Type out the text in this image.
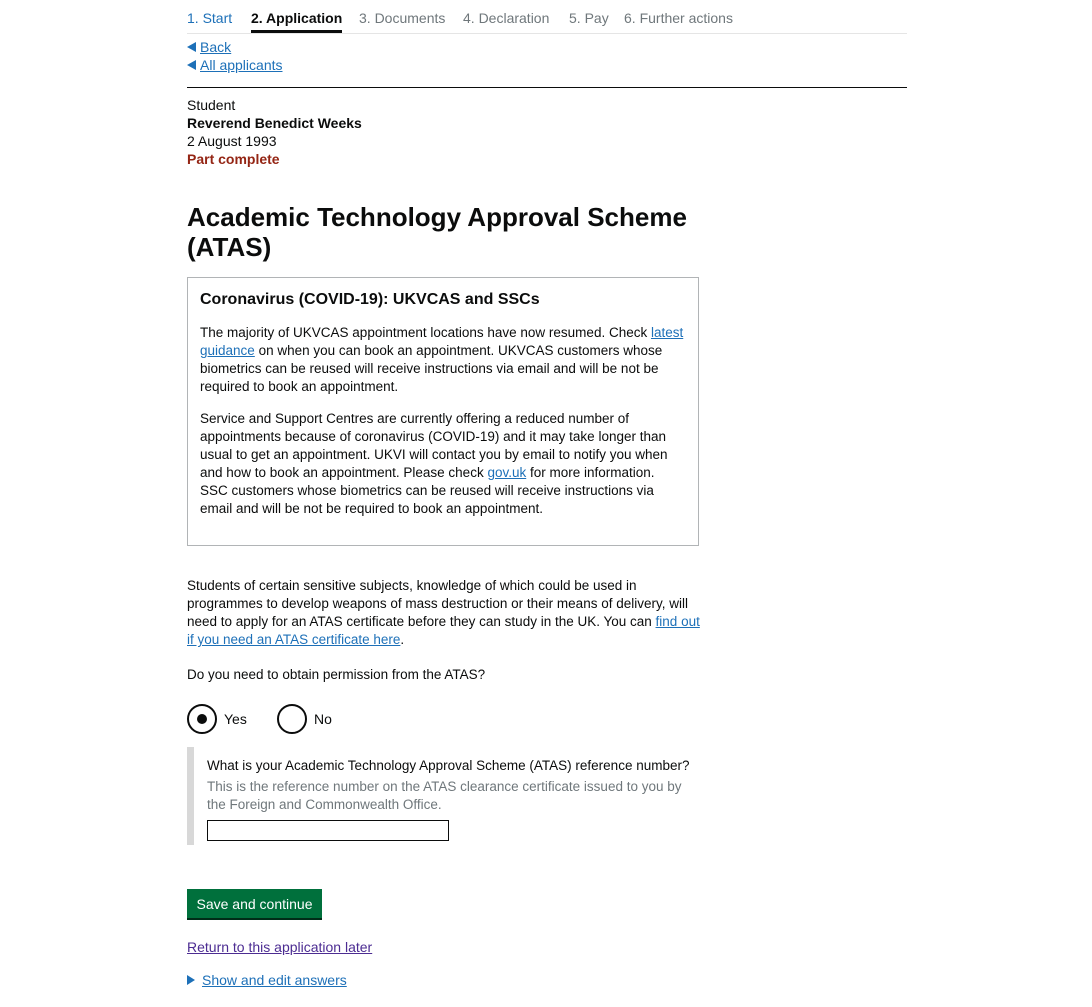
1. Start 2. Application 3. Documents 4. Declaration 5. Pay 6. Further actions
Back
All applicants
Student
Reverend Benedict Weeks
2 August 1993
Part complete
Academic Technology Approval Scheme (ATAS)
Coronavirus (COVID-19): UKVCAS and SSCs

The majority of UKVCAS appointment locations have now resumed. Check latest guidance on when you can book an appointment. UKVCAS customers whose biometrics can be reused will receive instructions via email and will be not be required to book an appointment.

Service and Support Centres are currently offering a reduced number of appointments because of coronavirus (COVID-19) and it may take longer than usual to get an appointment. UKVI will contact you by email to notify you when and how to book an appointment. Please check gov.uk for more information. SSC customers whose biometrics can be reused will receive instructions via email and will be not be required to book an appointment.

Students of certain sensitive subjects, knowledge of which could be used in programmes to develop weapons of mass destruction or their means of delivery, will need to apply for an ATAS certificate before they can study in the UK. You can find out if you need an ATAS certificate here.

Do you need to obtain permission from the ATAS?

Yes	No
What is your Academic Technology Approval Scheme (ATAS) reference number?
This is the reference number on the ATAS clearance certificate issued to you by the Foreign and Commonwealth Office.
Save and continue
Return to this application later
Show and edit answers
